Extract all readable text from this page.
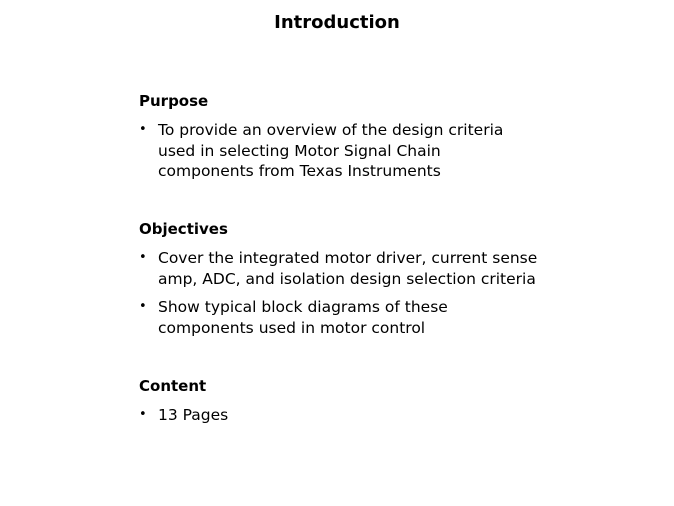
Introduction
Purpose
• To provide an overview of the design criteria
used in selecting Motor Signal Chain
components from Texas Instruments
Objectives
• Cover the integrated motor driver, current sense
amp, ADC, and isolation design selection criteria
• Show typical block diagrams of these
components used in motor control
Content
• 13 Pages
